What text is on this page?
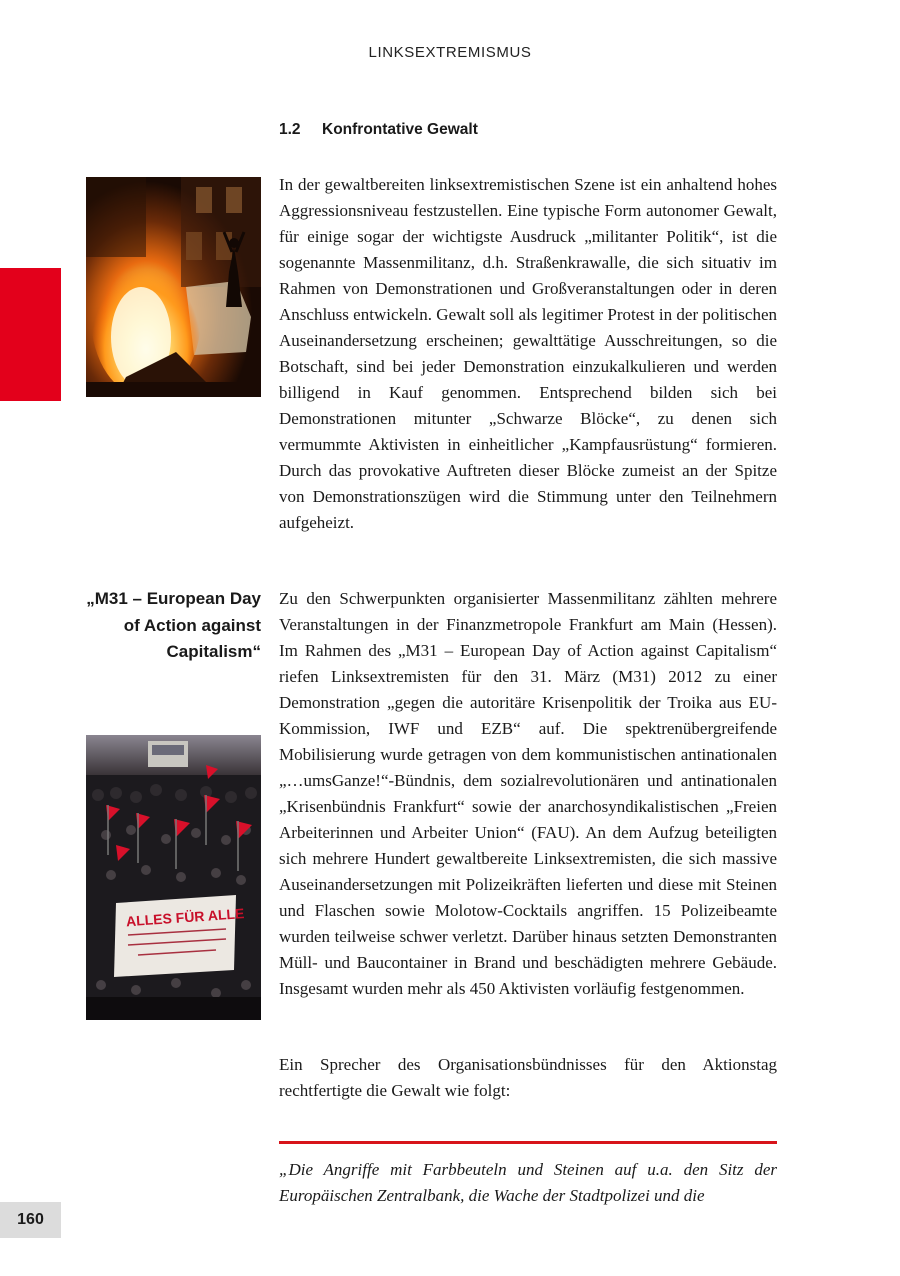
LINKSEXTREMISMUS
1.2 Konfrontative Gewalt

In der gewaltbereiten linksextremistischen Szene ist ein anhaltend hohes Aggressionsniveau festzustellen. Eine typische Form autonomer Gewalt, für einige sogar der wichtigste Ausdruck „militanter Politik“, ist die sogenannte Massenmilitanz, d.h. Straßenkrawalle, die sich situativ im Rahmen von Demonstrationen und Großveranstaltungen oder in deren Anschluss entwickeln. Gewalt soll als legitimer Protest in der politischen Auseinandersetzung erscheinen; gewalttätige Ausschreitungen, so die Botschaft, sind bei jeder Demonstration einzukalkulieren und werden billigend in Kauf genommen. Entsprechend bilden sich bei Demonstrationen mitunter „Schwarze Blöcke“, zu denen sich vermummte Aktivisten in einheitlicher „Kampfausrüstung“ formieren. Durch das provokative Auftreten dieser Blöcke zumeist an der Spitze von Demonstrationszügen wird die Stimmung unter den Teilnehmern aufgeheizt.

„M31 – European Day of Action against Capitalism“
ALLES FÜR ALLE

Zu den Schwerpunkten organisierter Massenmilitanz zählten mehrere Veranstaltungen in der Finanzmetropole Frankfurt am Main (Hessen). Im Rahmen des „M31 – European Day of Action against Capitalism“ riefen Linksextremisten für den 31. März (M31) 2012 zu einer Demonstration „gegen die autoritäre Krisenpolitik der Troika aus EU-Kommission, IWF und EZB“ auf. Die spektrenübergreifende Mobilisierung wurde getragen von dem kommunistischen antinationalen „…umsGanze!“-Bündnis, dem sozialrevolutionären und antinationalen „Krisenbündnis Frankfurt“ sowie der anarchosyndikalistischen „Freien Arbeiterinnen und Arbeiter Union“ (FAU). An dem Aufzug beteiligten sich mehrere Hundert gewaltbereite Linksextremisten, die sich massive Auseinandersetzungen mit Polizeikräften lieferten und diese mit Steinen und Flaschen sowie Molotow-Cocktails angriffen. 15 Polizeibeamte wurden teilweise schwer verletzt. Darüber hinaus setzten Demonstranten Müll- und Baucontainer in Brand und beschädigten mehrere Gebäude. Insgesamt wurden mehr als 450 Aktivisten vorläufig festgenommen.

Ein Sprecher des Organisationsbündnisses für den Aktionstag rechtfertigte die Gewalt wie folgt:

„Die Angriffe mit Farbbeuteln und Steinen auf u.a. den Sitz der Europäischen Zentralbank, die Wache der Stadtpolizei und die

160
